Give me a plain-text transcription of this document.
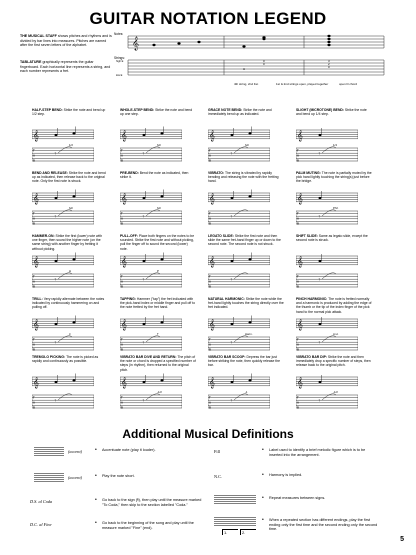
GUITAR NOTATION LEGEND
THE MUSICAL STAFF shows pitches and rhythms and is divided by bar lines into measures. Pitches are named after the first seven letters of the alphabet.
TABLATURE graphically represents the guitar fingerboard. Each horizontal line represents a string, and each number represents a fret.
𝄞
Notes:
Strings:
high E
low E
H
0
0
0
2
3
4th string, 2nd fret	1st & 2nd strings open, played together	open D chord
HALF-STEP BEND: Strike the note and bend up 1/2 step.
𝄞
T
A
B
7
1/2
WHOLE-STEP BEND: Strike the note and bend up one step.
𝄞
T
A
B
7
full
GRACE NOTE BEND: Strike the note and immediately bend up as indicated.
𝄞
T
A
B
7
full
SLIGHT (MICROTONE) BEND: Strike the note and bend up 1/4 step.
𝄞
T
A
B
7
1/4
BEND AND RELEASE: Strike the note and bend up as indicated, then release back to the original note. Only the first note is struck.
𝄞
T
A
B
7
full
PRE-BEND: Bend the note as indicated, then strike it.
𝄞
T
A
B
7
full
VIBRATO: The string is vibrated by rapidly bending and releasing the note with the fretting hand.
𝄞
T
A
B
7
PALM MUTING: The note is partially muted by the pick hand lightly touching the string(s) just before the bridge.
𝄞
T
A
B
7
P.M.
HAMMER-ON: Strike the first (lower) note with one finger, then sound the higher note (on the same string) with another finger by fretting it without picking.
𝄞
T
A
B
7
H
PULL-OFF: Place both fingers on the notes to be sounded. Strike the first note and without picking, pull the finger off to sound the second (lower) note.
𝄞
T
A
B
7
P
LEGATO SLIDE: Strike the first note and then slide the same fret-hand finger up or down to the second note. The second note is not struck.
𝄞
T
A
B
7
SHIFT SLIDE: Same as legato slide, except the second note is struck.
𝄞
T
A
B
7
TRILL: Very rapidly alternate between the notes indicated by continuously hammering on and pulling off.
𝄞
T
A
B
7
tr
TAPPING: Hammer ("tap") the fret indicated with the pick-hand index or middle finger and pull off to the note fretted by the fret hand.
𝄞
T
A
B
7
T
NATURAL HARMONIC: Strike the note while the fret-hand lightly touches the string directly over the fret indicated.
𝄞
T
A
B
7
Harm.
PINCH HARMONIC: The note is fretted normally and a harmonic is produced by adding the edge of the thumb or the tip of the index finger of the pick hand to the normal pick attack.
𝄞
T
A
B
7
A.H.
TREMOLO PICKING: The note is picked as rapidly and continuously as possible.
𝄞
T
A
B
7
VIBRATO BAR DIVE AND RETURN: The pitch of the note or chord is dropped a specified number of steps (in rhythm), then returned to the original pitch.
𝄞
T
A
B
7
-1/2
VIBRATO BAR SCOOP: Depress the bar just before striking the note, then quickly release the bar.
𝄞
T
A
B
7
-1
VIBRATO BAR DIP: Strike the note and then immediately drop a specific number of steps, then release back to the original pitch.
𝄞
T
A
B
7
-1/2
Additional Musical Definitions
(accent)	• Accentuate note (play it louder).
(accent)	• Play the note short.
D.S. al Coda	• Go back to the sign (𝄋), then play until the measure marked "To Coda," then skip to the section labelled "Coda."
D.C. al Fine	• Go back to the beginning of the song and play until the measure marked "Fine" (end).
Fill	• Label used to identify a brief melodic figure which is to be inserted into the arrangement.
N.C.	• Harmony is implied.
• Repeat measures between signs.
• When a repeated section has different endings, play the first ending only the first time and the second ending only the second time.
1.	2.
5
